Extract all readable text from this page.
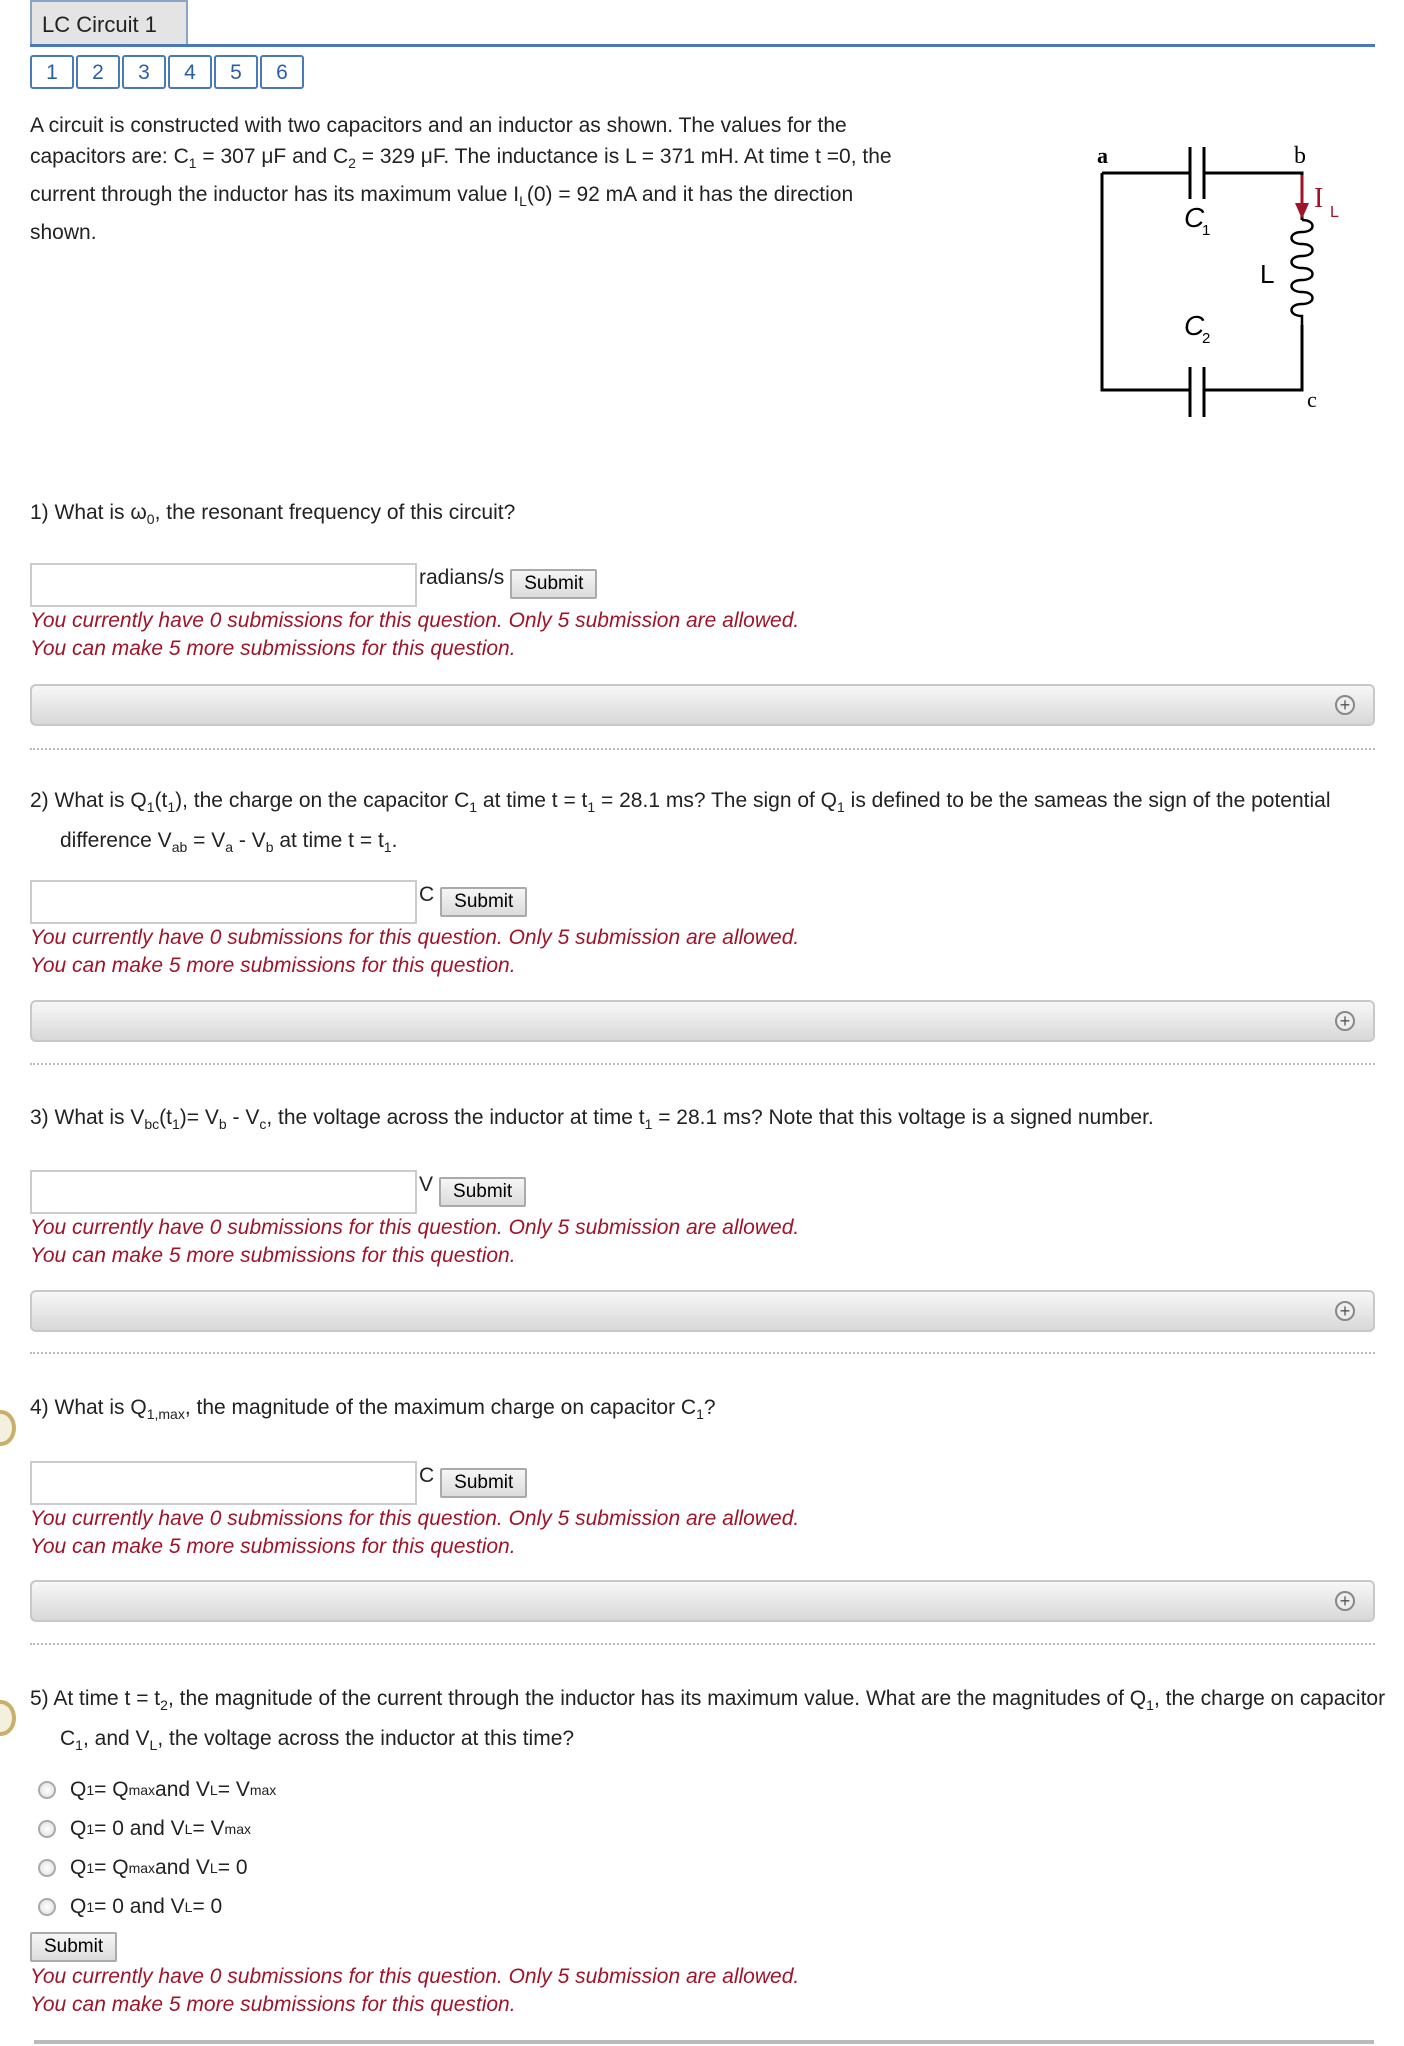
LC Circuit 1
1	2	3	4	5	6
A circuit is constructed with two capacitors and an inductor as shown. The values for the
capacitors are: $C_1 = 307$ μF and $C_2 = 329$ μF. The inductance is L = 371 mH. At time t =0, the
current through the inductor has its maximum value $I_L(0) = 92$ mA and it has the direction
shown.
a	b
c
C
1
C
2
L
I L
1) What is $\omega_0$, the resonant frequency of this circuit?
radians/s	Submit
You currently have 0 submissions for this question. Only 5 submission are allowed.
You can make 5 more submissions for this question.
+
2) What is $Q_1(t_1)$, the charge on the capacitor $C_1$ at time $t = t_1 = 28.1$ ms? The sign of $Q_1$ is defined to be the sameas the sign of the potential difference $V_{ab} = V_a - V_b$ at time $t = t_1$.
C	Submit
You currently have 0 submissions for this question. Only 5 submission are allowed.
You can make 5 more submissions for this question.
+
3) What is $V_{bc}(t_1)= V_b - V_c$, the voltage across the inductor at time $t_1 = 28.1$ ms? Note that this voltage is a signed number.
V	Submit
You currently have 0 submissions for this question. Only 5 submission are allowed.
You can make 5 more submissions for this question.
+
4) What is $Q_{1,max}$, the magnitude of the maximum charge on capacitor $C_1$?
C	Submit
You currently have 0 submissions for this question. Only 5 submission are allowed.
You can make 5 more submissions for this question.
+
5) At time $t = t_2$, the magnitude of the current through the inductor has its maximum value. What are the magnitudes of $Q_1$, the charge on capacitor $C_1$, and $V_L$, the voltage across the inductor at this time?
Q 1 = Q max and V L = V max
Q 1 = 0 and V L = V max
Q 1 = Q max and V L = 0
Q 1 = 0 and V L = 0
Submit
You currently have 0 submissions for this question. Only 5 submission are allowed.
You can make 5 more submissions for this question.
